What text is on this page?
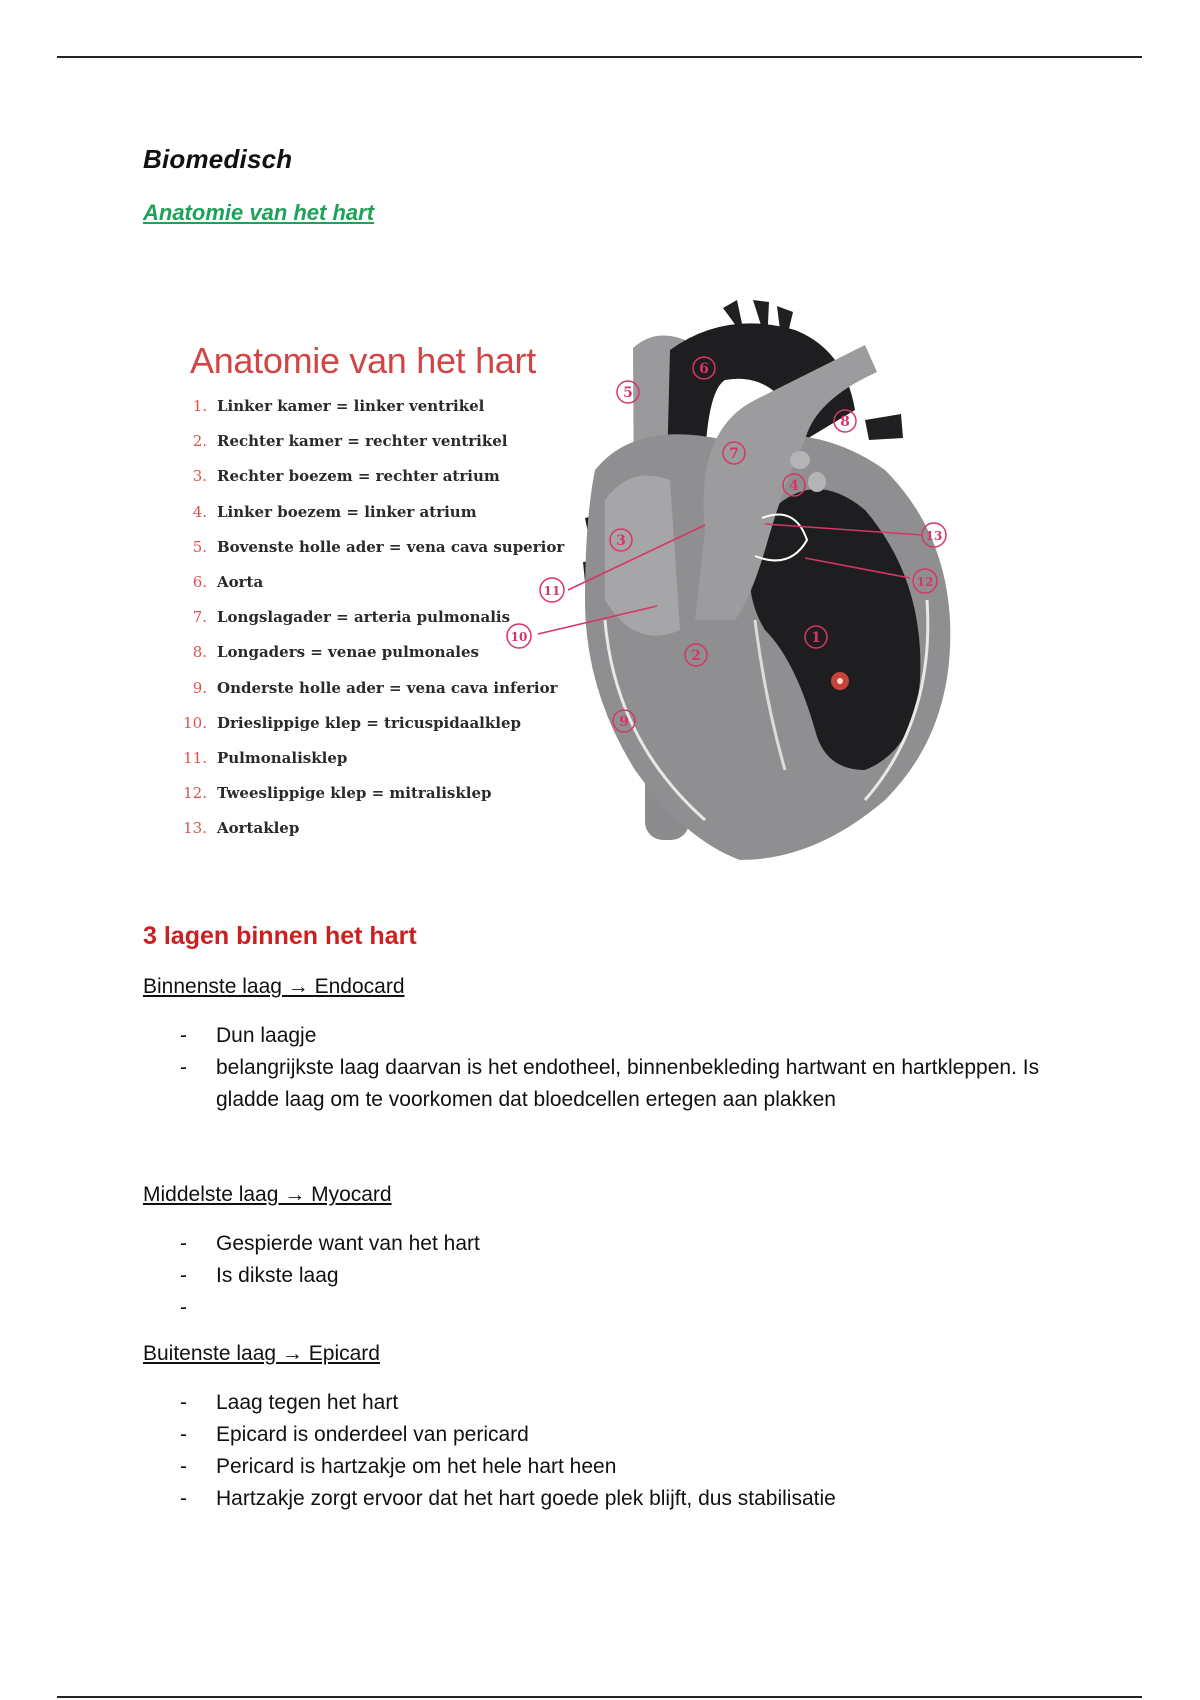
Biomedisch
Anatomie van het hart
Anatomie van het hart
1. Linker kamer = linker ventrikel
2. Rechter kamer = rechter ventrikel
3. Rechter boezem = rechter atrium
4. Linker boezem = linker atrium
5. Bovenste holle ader = vena cava superior
6. Aorta
7. Longslagader = arteria pulmonalis
8. Longaders = venae pulmonales
9. Onderste holle ader = vena cava inferior
10. Drieslippige klep = tricuspidaalklep
11. Pulmonalisklep
12. Tweeslippige klep = mitralisklep
13. Aortaklep
1
2
3
4
5
6
7
8
9
10
11
12
13
3 lagen binnen het hart
Binnenste laag → Endocard
- Dun laagje
- belangrijkste laag daarvan is het endotheel, binnenbekleding hartwant en hartkleppen. Is gladde laag om te voorkomen dat bloedcellen ertegen aan plakken
Middelste laag → Myocard
- Gespierde want van het hart
- Is dikste laag
-
Buitenste laag → Epicard
- Laag tegen het hart
- Epicard is onderdeel van pericard
- Pericard is hartzakje om het hele hart heen
- Hartzakje zorgt ervoor dat het hart goede plek blijft, dus stabilisatie
